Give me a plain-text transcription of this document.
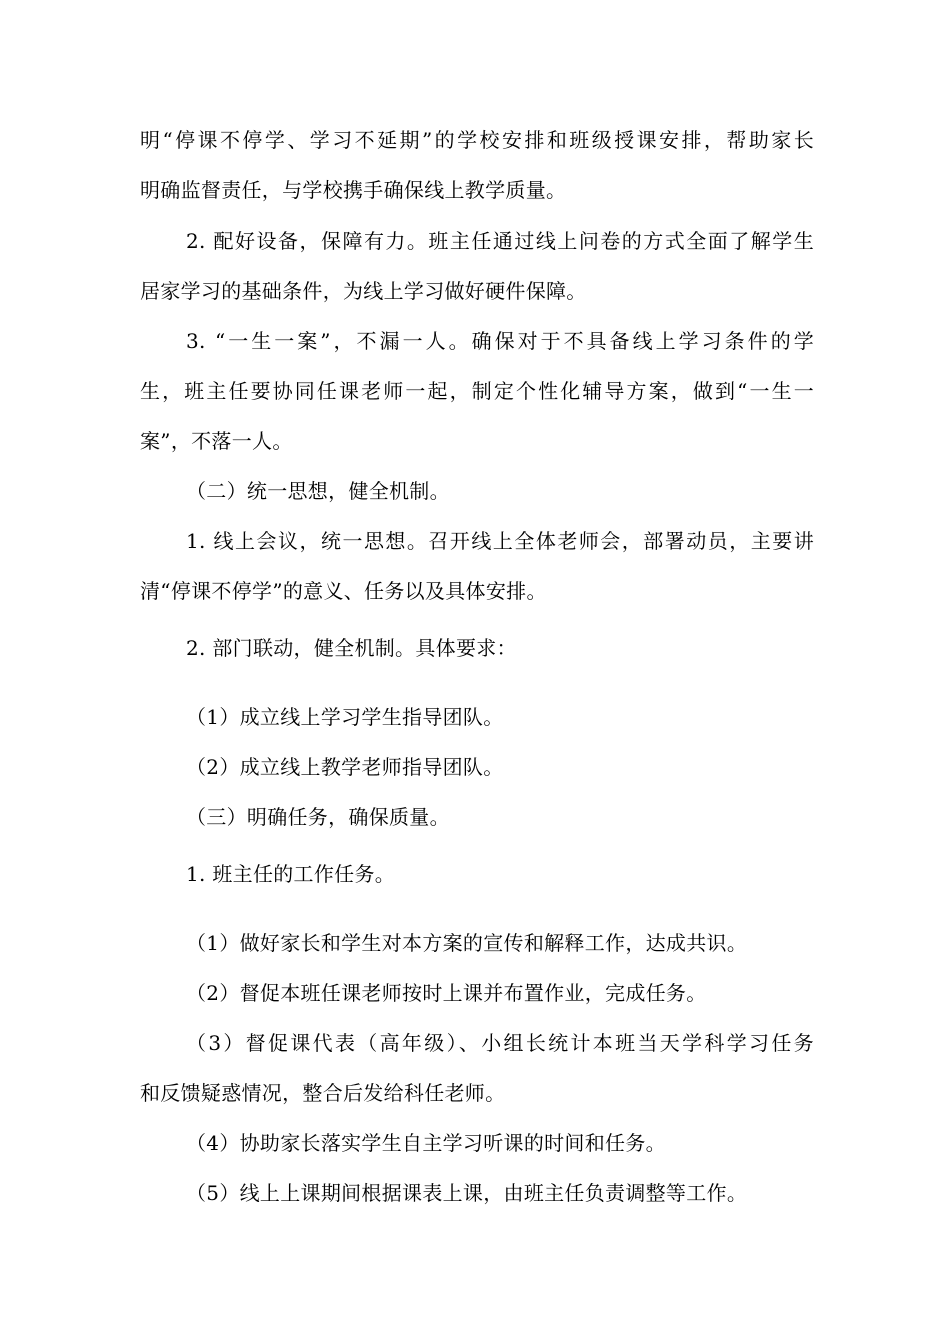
明“停课不停学、学习不延期”的学校安排和班级授课安排，帮助家长
明确监督责任，与学校携手确保线上教学质量。
2. 配好设备，保障有力。班主任通过线上问卷的方式全面了解学生
居家学习的基础条件，为线上学习做好硬件保障。
3. “一生一案”，不漏一人。确保对于不具备线上学习条件的学
生，班主任要协同任课老师一起，制定个性化辅导方案，做到“一生一
案”，不落一人。
（二）统一思想，健全机制。
1. 线上会议，统一思想。召开线上全体老师会，部署动员，主要讲
清“停课不停学”的意义、任务以及具体安排。
2. 部门联动，健全机制。具体要求：
（1）成立线上学习学生指导团队。
（2）成立线上教学老师指导团队。
（三）明确任务，确保质量。
1. 班主任的工作任务。
（1）做好家长和学生对本方案的宣传和解释工作，达成共识。
（2）督促本班任课老师按时上课并布置作业，完成任务。
（3）督促课代表（高年级）、小组长统计本班当天学科学习任务
和反馈疑惑情况，整合后发给科任老师。
（4）协助家长落实学生自主学习听课的时间和任务。
（5）线上上课期间根据课表上课，由班主任负责调整等工作。
